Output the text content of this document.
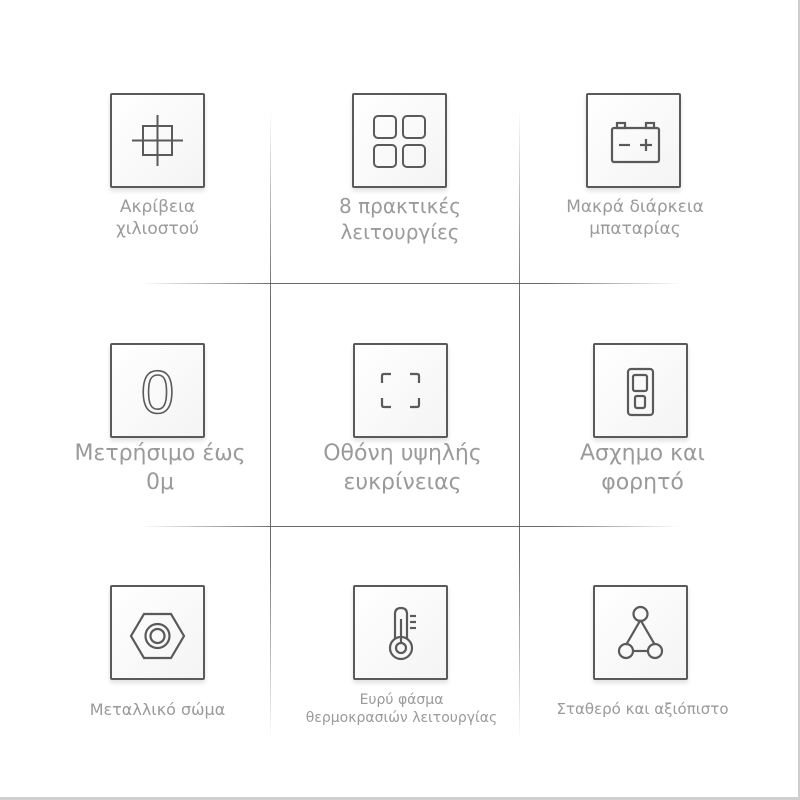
Ακρίβεια
χιλιοστού
8 πρακτικές
λειτουργίες
Μακρά διάρκεια
μπαταρίας
0
Μετρήσιμο έως
0μ
Οθόνη υψηλής
ευκρίνειας
Ασχημο και
φορητό
Μεταλλικό σώμα	Ευρύ φάσμα
θερμοκρασιών λειτουργίας
Σταθερό και αξιόπιστο
